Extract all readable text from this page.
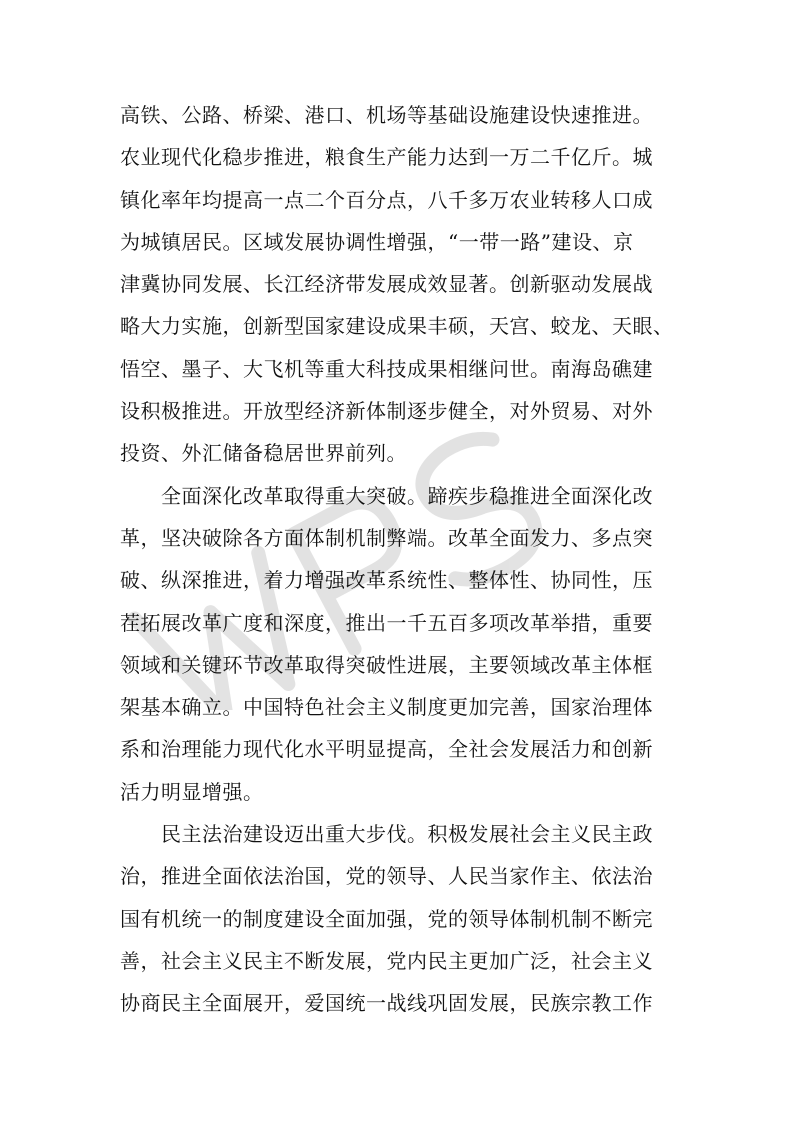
高铁、公路、桥梁、港口、机场等基础设施建设快速推进。
农业现代化稳步推进，粮食生产能力达到一万二千亿斤。城
镇化率年均提高一点二个百分点，八千多万农业转移人口成
为城镇居民。区域发展协调性增强，“一带一路”建设、京
津冀协同发展、长江经济带发展成效显著。创新驱动发展战
略大力实施，创新型国家建设成果丰硕，天宫、蛟龙、天眼、
悟空、墨子、大飞机等重大科技成果相继问世。南海岛礁建
设积极推进。开放型经济新体制逐步健全，对外贸易、对外
投资、外汇储备稳居世界前列。
　　全面深化改革取得重大突破。蹄疾步稳推进全面深化改
革，坚决破除各方面体制机制弊端。改革全面发力、多点突
破、纵深推进，着力增强改革系统性、整体性、协同性，压
茬拓展改革广度和深度，推出一千五百多项改革举措，重要
领域和关键环节改革取得突破性进展，主要领域改革主体框
架基本确立。中国特色社会主义制度更加完善，国家治理体
系和治理能力现代化水平明显提高，全社会发展活力和创新
活力明显增强。
　　民主法治建设迈出重大步伐。积极发展社会主义民主政
治，推进全面依法治国，党的领导、人民当家作主、依法治
国有机统一的制度建设全面加强，党的领导体制机制不断完
善，社会主义民主不断发展，党内民主更加广泛，社会主义
协商民主全面展开，爱国统一战线巩固发展，民族宗教工作
